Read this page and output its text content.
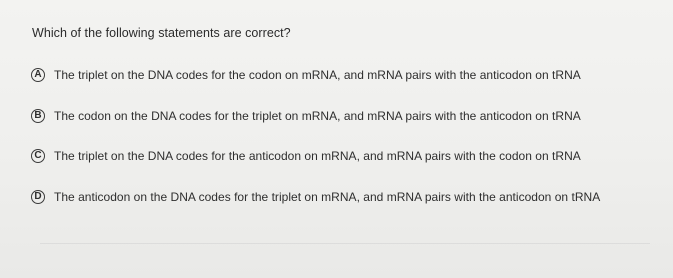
Which of the following statements are correct?
A The triplet on the DNA codes for the codon on mRNA, and mRNA pairs with the anticodon on tRNA
B The codon on the DNA codes for the triplet on mRNA, and mRNA pairs with the anticodon on tRNA
C The triplet on the DNA codes for the anticodon on mRNA, and mRNA pairs with the codon on tRNA
D The anticodon on the DNA codes for the triplet on mRNA, and mRNA pairs with the anticodon on tRNA
